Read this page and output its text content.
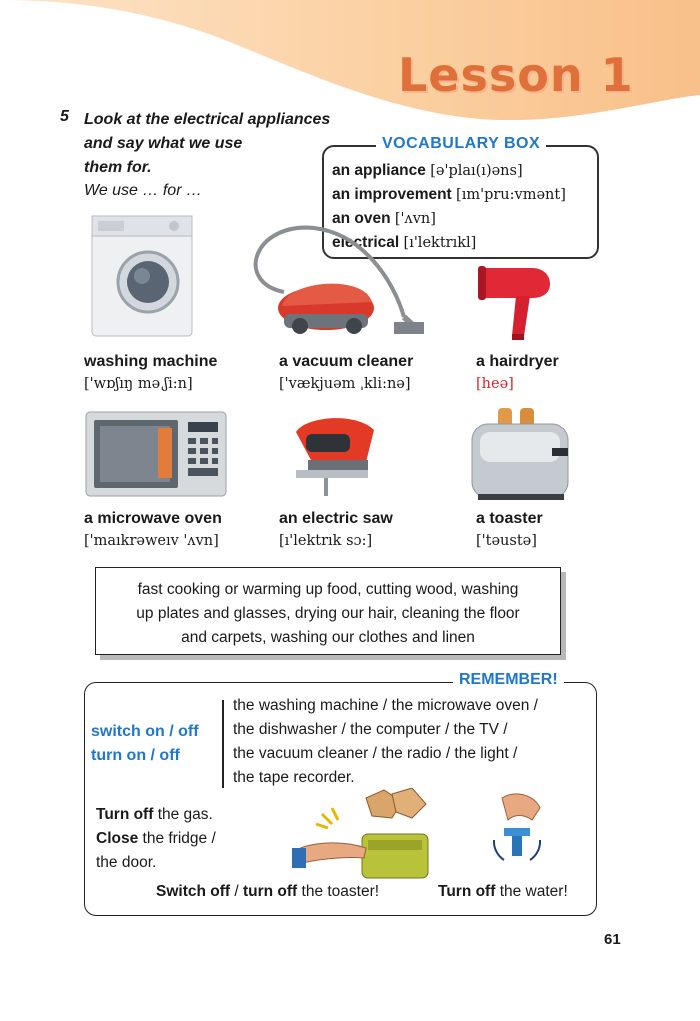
Lesson 1
5 Look at the electrical appliances
and say what we use
them for.
We use … for …
VOCABULARY BOX
an appliance [ə'plaı(ı)əns]
an improvement [ım'pru:vmənt]
an oven ['ʌvn]
electrical [ı'lektrıkl]
washing machine
['wɒʃıŋ məˌʃi:n]
a vacuum cleaner
['vækjuəm ˌkli:nə]
a hairdryer
[heə]
a microwave oven
['maıkrəweıv 'ʌvn]
an electric saw
[ı'lektrık sɔ:]
a toaster
['təustə]
fast cooking or warming up food, cutting wood, washing
up plates and glasses, drying our hair, cleaning the floor
and carpets, washing our clothes and linen
REMEMBER!
switch on / off
turn on / off
the washing machine / the microwave oven /
the dishwasher / the computer / the TV /
the vacuum cleaner / the radio / the light /
the tape recorder.
Turn off the gas.
Close the fridge /
the door.
Switch off / turn off the toaster!	Turn off the water!
61
